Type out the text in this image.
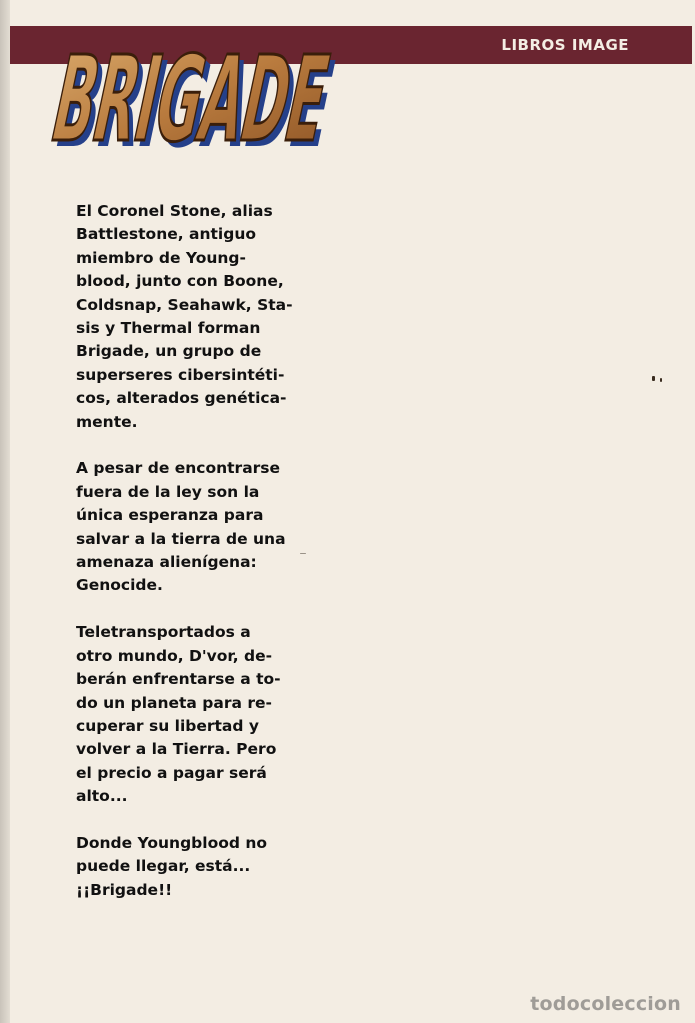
BRIGADE
BRIGADE
LIBROS IMAGE

El Coronel Stone, alias
Battlestone, antiguo
miembro de Young-
blood, junto con Boone,
Coldsnap, Seahawk, Sta-
sis y Thermal forman
Brigade, un grupo de
superseres cibersintéti-
cos, alterados genética-
mente.

A pesar de encontrarse
fuera de la ley son la
única esperanza para
salvar a la tierra de una
amenaza alienígena:
Genocide.

Teletransportados a
otro mundo, D'vor, de-
berán enfrentarse a to-
do un planeta para re-
cuperar su libertad y
volver a la Tierra. Pero
el precio a pagar será
alto...

Donde Youngblood no
puede llegar, está...
¡¡Brigade!!

todocoleccion
